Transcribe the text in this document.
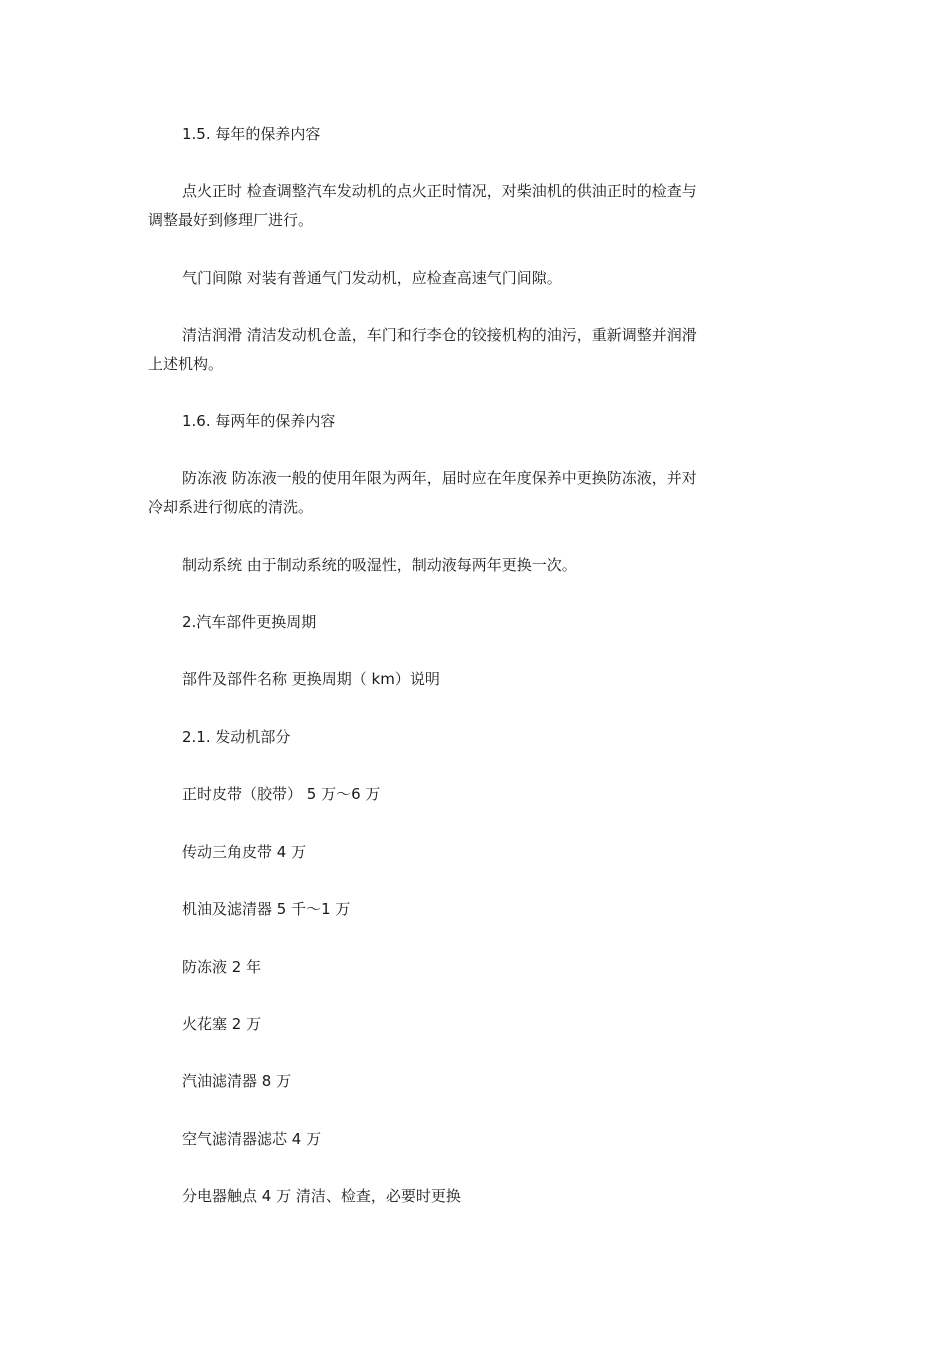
1.5. 每年的保养内容
点火正时 检查调整汽车发动机的点火正时情况，对柴油机的供油正时的检查与
调整最好到修理厂进行。
气门间隙 对装有普通气门发动机，应检查高速气门间隙。
清洁润滑 清洁发动机仓盖，车门和行李仓的铰接机构的油污，重新调整并润滑
上述机构。
1.6. 每两年的保养内容
防冻液 防冻液一般的使用年限为两年，届时应在年度保养中更换防冻液，并对
冷却系进行彻底的清洗。
制动系统 由于制动系统的吸湿性，制动液每两年更换一次。
2.汽车部件更换周期
部件及部件名称 更换周期（ km）说明
2.1. 发动机部分
正时皮带（胶带） 5 万～6 万
传动三角皮带 4 万
机油及滤清器 5 千～1 万
防冻液 2 年
火花塞 2 万
汽油滤清器 8 万
空气滤清器滤芯 4 万
分电器触点 4 万 清洁、检查，必要时更换
